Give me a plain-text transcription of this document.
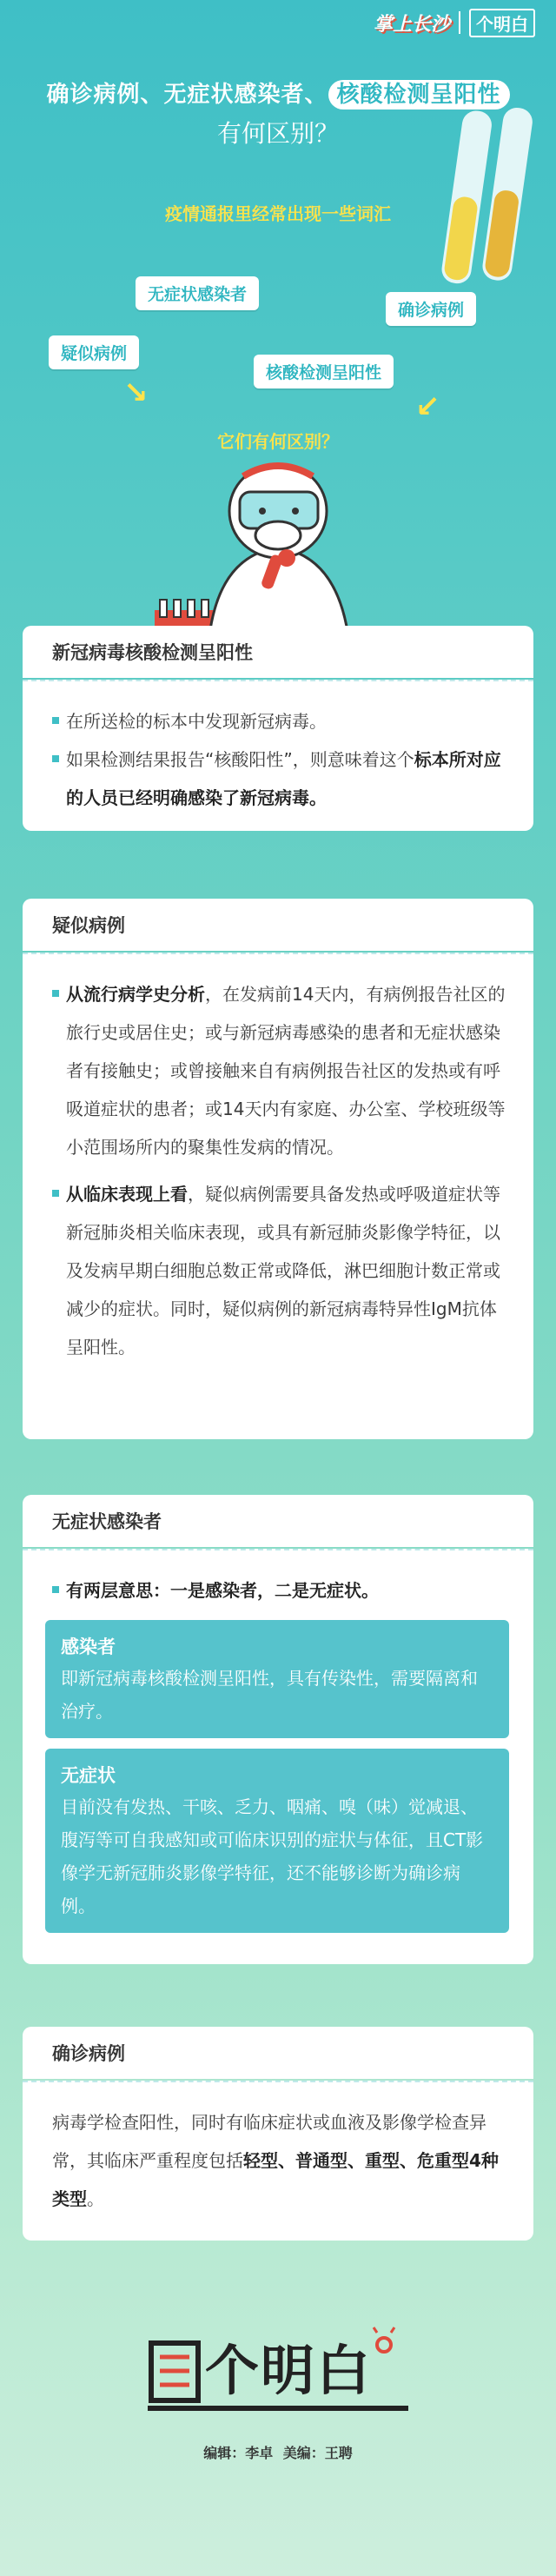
掌上长沙	个明白
确诊病例、无症状感染者、 核酸检测呈阳性
有何区别？
疫情通报里经常出现一些词汇
无症状感染者
确诊病例
疑似病例
核酸检测呈阳性
↘	↙
它们有何区别？
新冠病毒核酸检测呈阳性

在所送检的标本中发现新冠病毒。

如果检测结果报告“核酸阳性”，则意味着这个标本所对应的人员已经明确感染了新冠病毒。

疑似病例

从流行病学史分析，在发病前14天内，有病例报告社区的旅行史或居住史；或与新冠病毒感染的患者和无症状感染者有接触史；或曾接触来自有病例报告社区的发热或有呼吸道症状的患者；或14天内有家庭、办公室、学校班级等小范围场所内的聚集性发病的情况。

从临床表现上看，疑似病例需要具备发热或呼吸道症状等新冠肺炎相关临床表现，或具有新冠肺炎影像学特征，以及发病早期白细胞总数正常或降低，淋巴细胞计数正常或减少的症状。同时，疑似病例的新冠病毒特异性IgM抗体呈阳性。

无症状感染者

有两层意思：一是感染者，二是无症状。

感染者
即新冠病毒核酸检测呈阳性，具有传染性，需要隔离和治疗。
无症状
目前没有发热、干咳、乏力、咽痛、嗅（味）觉减退、腹泻等可自我感知或可临床识别的症状与体征，且CT影像学无新冠肺炎影像学特征，还不能够诊断为确诊病例。
确诊病例

病毒学检查阳性，同时有临床症状或血液及影像学检查异常，其临床严重程度包括轻型、普通型、重型、危重型4种类型。

个明白
编辑：李卓 美编：王聘
